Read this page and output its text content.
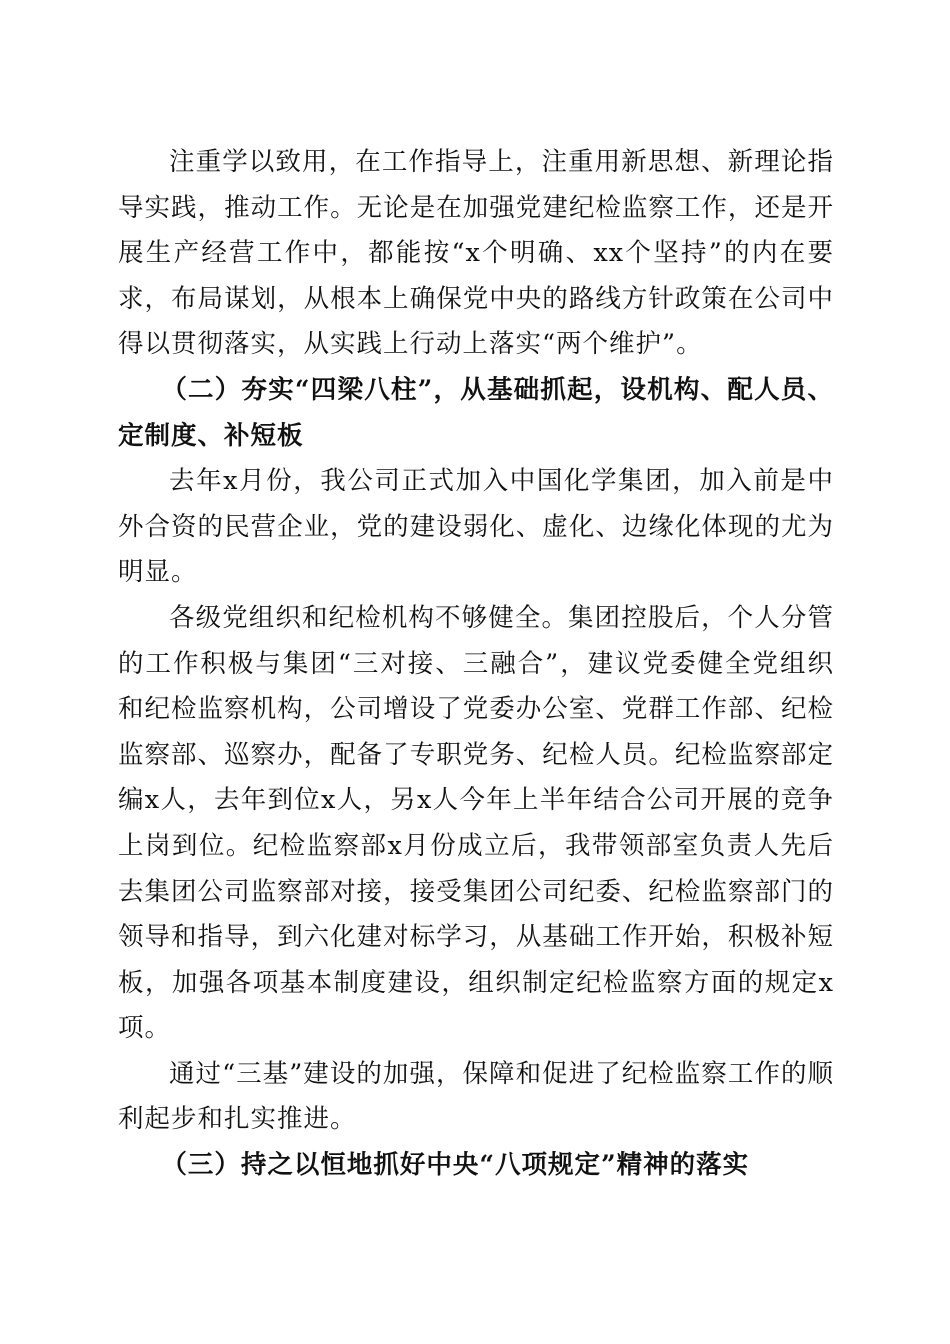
注重学以致用，在工作指导上，注重用新思想、新理论指导实践，推动工作。无论是在加强党建纪检监察工作，还是开展生产经营工作中，都能按“x个明确、xx个坚持”的内在要求，布局谋划，从根本上确保党中央的路线方针政策在公司中得以贯彻落实，从实践上行动上落实“两个维护”。

（二）夯实“四梁八柱”，从基础抓起，设机构、配人员、定制度、补短板

去年x月份，我公司正式加入中国化学集团，加入前是中外合资的民营企业，党的建设弱化、虚化、边缘化体现的尤为明显。

各级党组织和纪检机构不够健全。集团控股后，个人分管的工作积极与集团“三对接、三融合”，建议党委健全党组织和纪检监察机构，公司增设了党委办公室、党群工作部、纪检监察部、巡察办，配备了专职党务、纪检人员。纪检监察部定编x人，去年到位x人，另x人今年上半年结合公司开展的竞争上岗到位。纪检监察部x月份成立后，我带领部室负责人先后去集团公司监察部对接，接受集团公司纪委、纪检监察部门的领导和指导，到六化建对标学习，从基础工作开始，积极补短板，加强各项基本制度建设，组织制定纪检监察方面的规定x项。

通过“三基”建设的加强，保障和促进了纪检监察工作的顺利起步和扎实推进。

（三）持之以恒地抓好中央“八项规定”精神的落实
